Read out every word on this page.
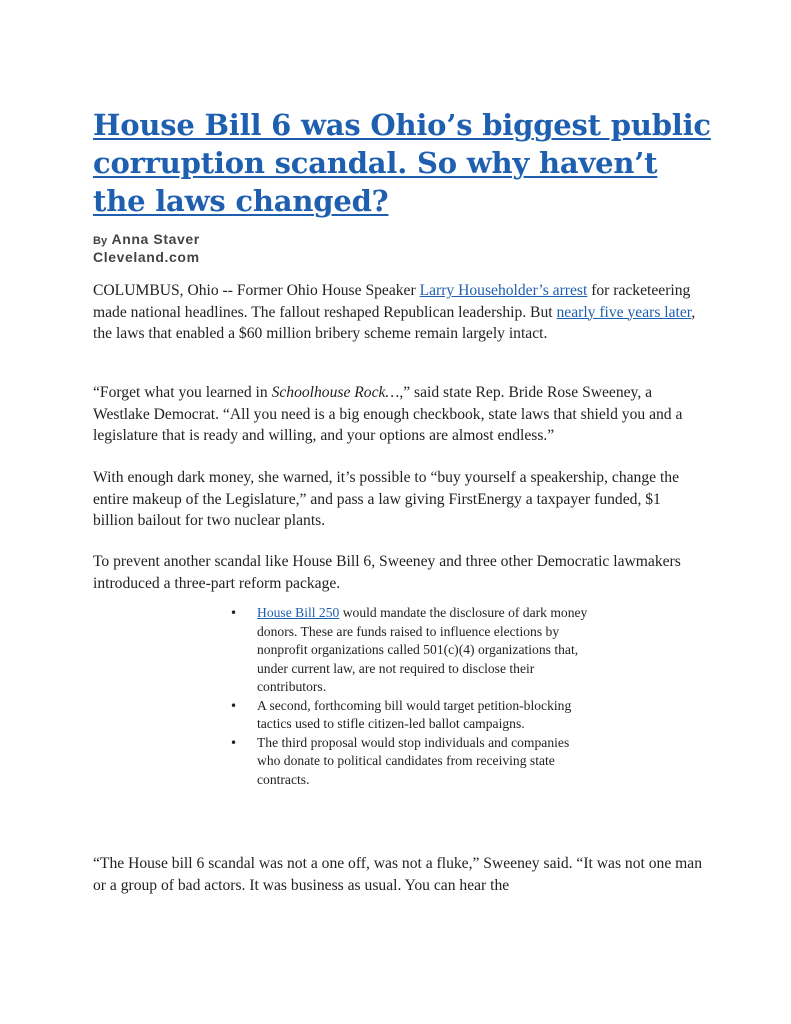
House Bill 6 was Ohio’s biggest public corruption scandal. So why haven’t the laws changed?
By Anna Staver
Cleveland.com

COLUMBUS, Ohio -- Former Ohio House Speaker Larry Householder’s arrest for racketeering made national headlines. The fallout reshaped Republican leadership. But nearly five years later, the laws that enabled a $60 million bribery scheme remain largely intact.

“Forget what you learned in Schoolhouse Rock…,” said state Rep. Bride Rose Sweeney, a Westlake Democrat. “All you need is a big enough checkbook, state laws that shield you and a legislature that is ready and willing, and your options are almost endless.”

With enough dark money, she warned, it’s possible to “buy yourself a speakership, change the entire makeup of the Legislature,” and pass a law giving FirstEnergy a taxpayer funded, $1 billion bailout for two nuclear plants.

To prevent another scandal like House Bill 6, Sweeney and three other Democratic lawmakers introduced a three-part reform package.

• House Bill 250 would mandate the disclosure of dark money donors. These are funds raised to influence elections by nonprofit organizations called 501(c)(4) organizations that, under current law, are not required to disclose their contributors.
• A second, forthcoming bill would target petition-blocking tactics used to stifle citizen-led ballot campaigns.
• The third proposal would stop individuals and companies who donate to political candidates from receiving state contracts.

“The House bill 6 scandal was not a one off, was not a fluke,” Sweeney said. “It was not one man or a group of bad actors. It was business as usual. You can hear the
